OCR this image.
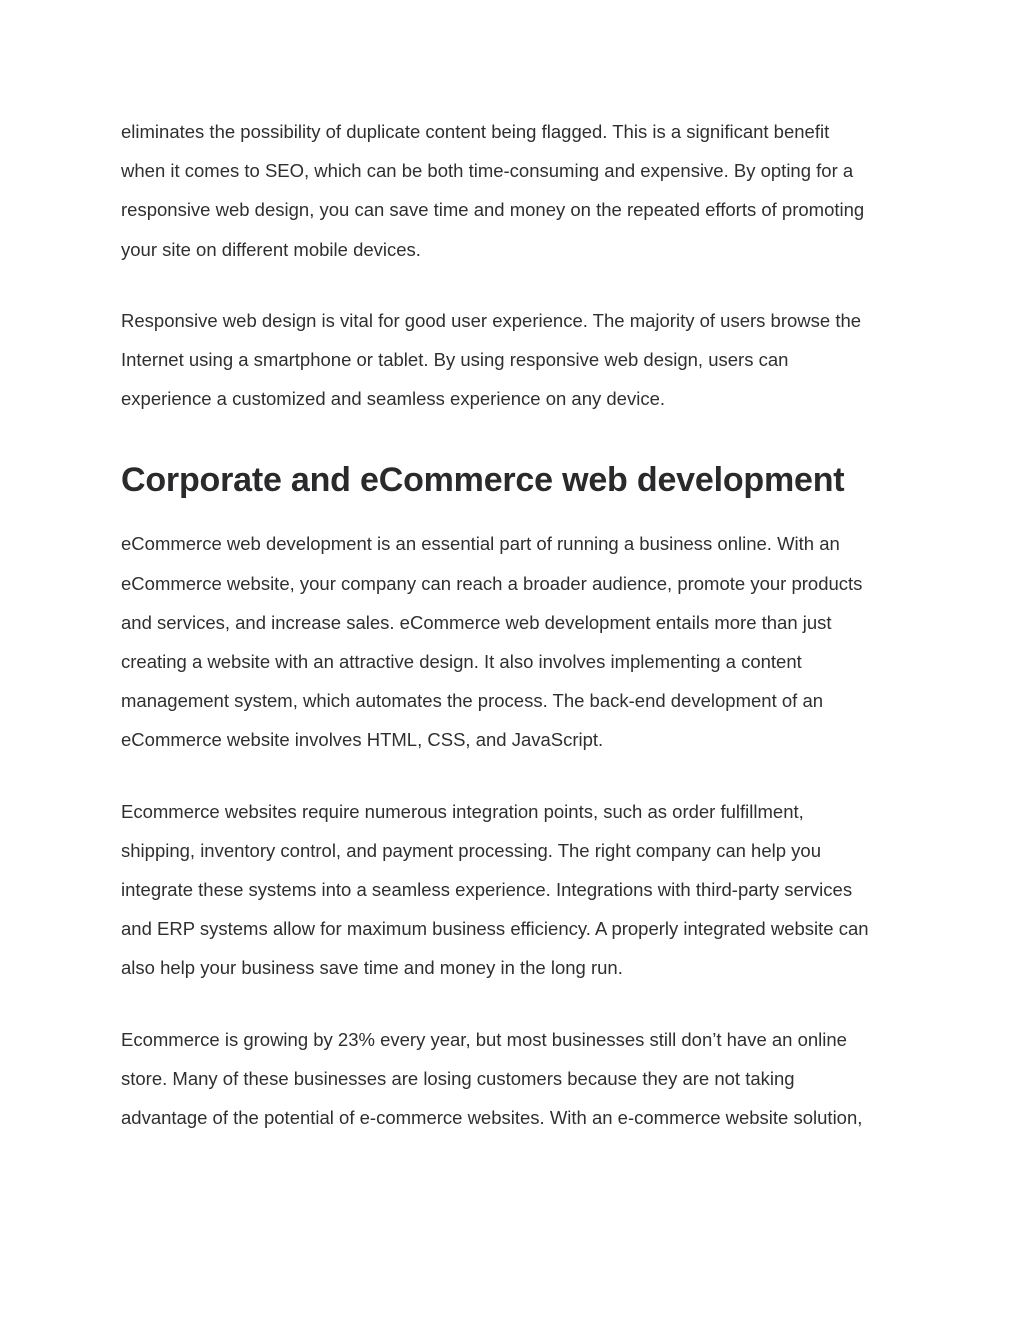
eliminates the possibility of duplicate content being flagged. This is a significant benefit
when it comes to SEO, which can be both time-consuming and expensive. By opting for a
responsive web design, you can save time and money on the repeated efforts of promoting
your site on different mobile devices.

Responsive web design is vital for good user experience. The majority of users browse the
Internet using a smartphone or tablet. By using responsive web design, users can
experience a customized and seamless experience on any device.

Corporate and eCommerce web development

eCommerce web development is an essential part of running a business online. With an
eCommerce website, your company can reach a broader audience, promote your products
and services, and increase sales. eCommerce web development entails more than just
creating a website with an attractive design. It also involves implementing a content
management system, which automates the process. The back-end development of an
eCommerce website involves HTML, CSS, and JavaScript.

Ecommerce websites require numerous integration points, such as order fulfillment,
shipping, inventory control, and payment processing. The right company can help you
integrate these systems into a seamless experience. Integrations with third-party services
and ERP systems allow for maximum business efficiency. A properly integrated website can
also help your business save time and money in the long run.

Ecommerce is growing by 23% every year, but most businesses still don’t have an online
store. Many of these businesses are losing customers because they are not taking
advantage of the potential of e-commerce websites. With an e-commerce website solution,
